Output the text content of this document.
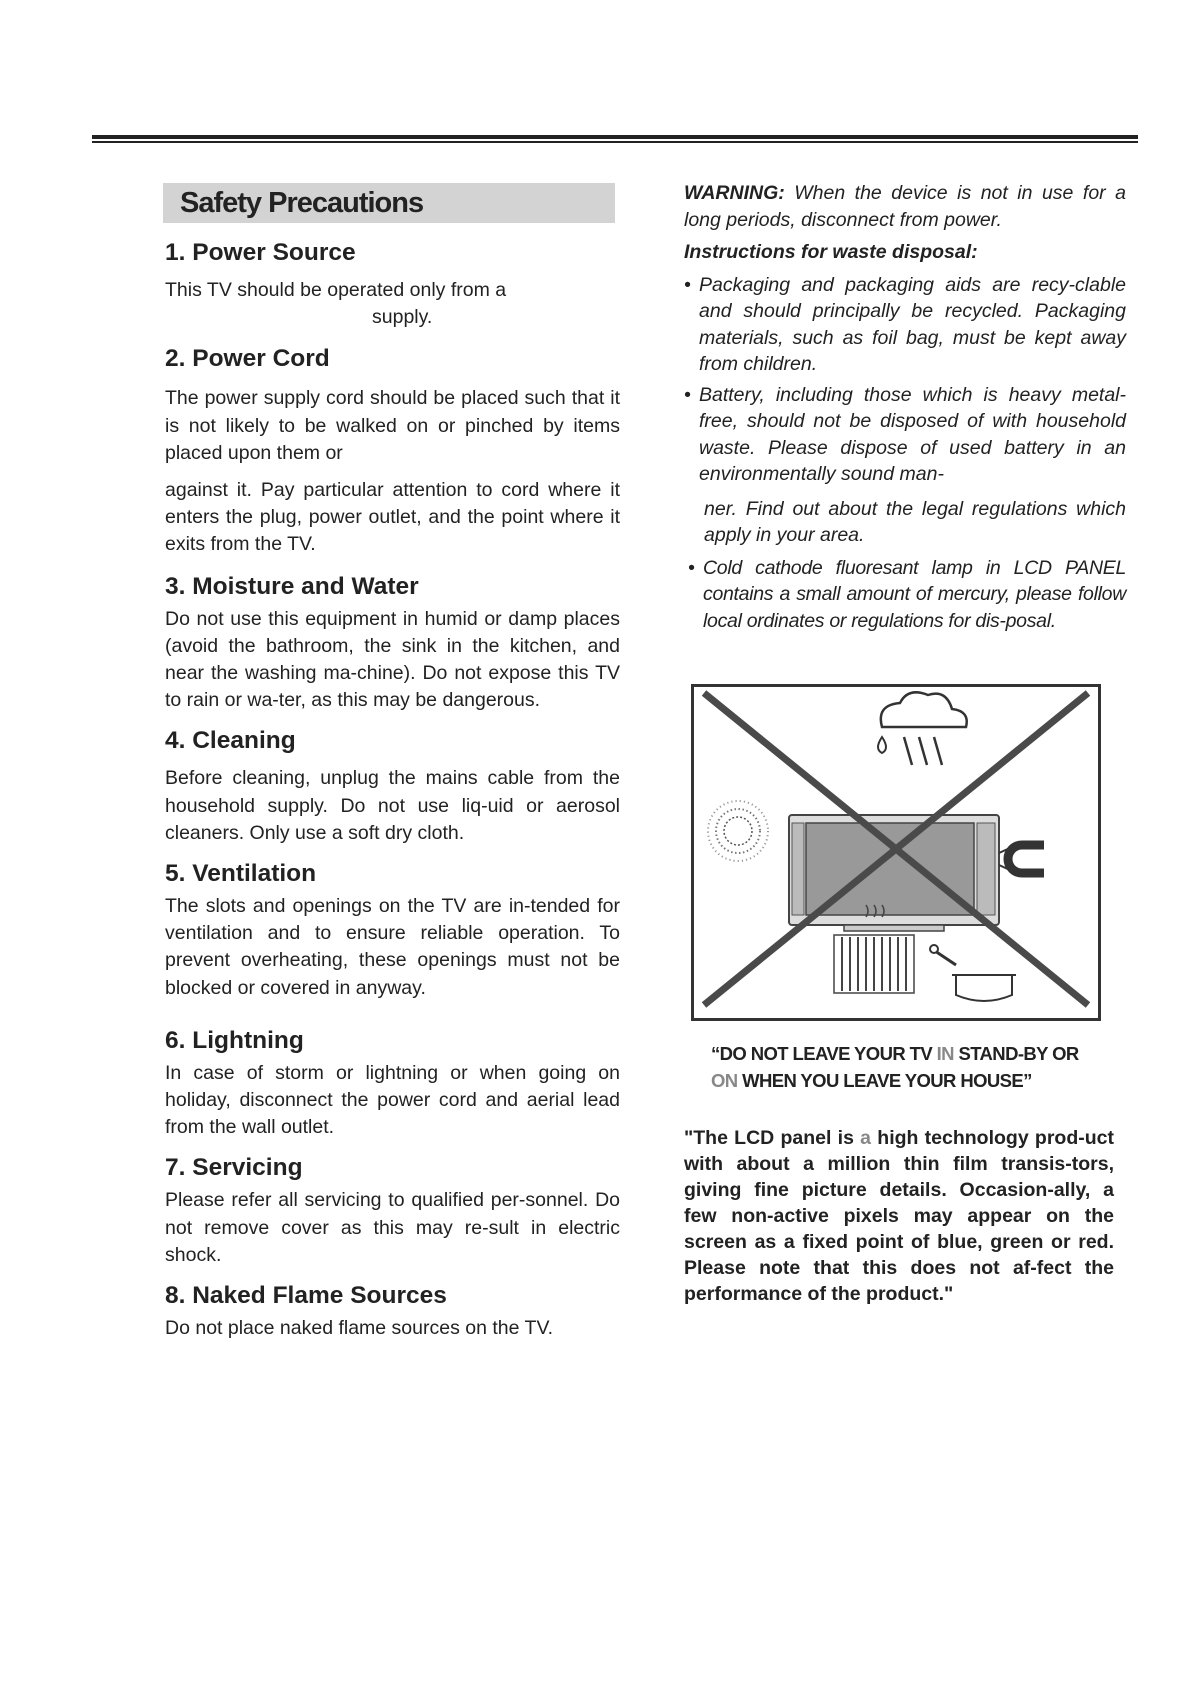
Safety Precautions
1. Power Source

This TV should be operated only from a

supply.

2. Power Cord

The power supply cord should be placed such that it is not likely to be walked on or pinched by items placed upon them or

against it. Pay particular attention to cord where it enters the plug, power outlet, and the point where it exits from the TV.

3. Moisture and Water

Do not use this equipment in humid or damp places (avoid the bathroom, the sink in the kitchen, and near the washing ma-chine). Do not expose this TV to rain or wa-ter, as this may be dangerous.

4. Cleaning

Before cleaning, unplug the mains cable from the household supply. Do not use liq-uid or aerosol cleaners. Only use a soft dry cloth.

5. Ventilation

The slots and openings on the TV are in-tended for ventilation and to ensure reliable operation. To prevent overheating, these openings must not be blocked or covered in anyway.

6. Lightning

In case of storm or lightning or when going on holiday, disconnect the power cord and aerial lead from the wall outlet.

7. Servicing

Please refer all servicing to qualified per-sonnel. Do not remove cover as this may re-sult in electric shock.

8. Naked Flame Sources

Do not place naked flame sources on the TV.

WARNING: When the device is not in use for a long periods, disconnect from power.

Instructions for waste disposal:

• Packaging and packaging aids are recy-clable and should principally be recycled. Packaging materials, such as foil bag, must be kept away from children.
• Battery, including those which is heavy metal-free, should not be disposed of with household waste. Please dispose of used battery in an environmentally sound man-
ner. Find out about the legal regulations which apply in your area.
• Cold cathode fluoresant lamp in LCD PANEL contains a small amount of mercury, please follow local ordinates or regulations for dis-posal.
“DO NOT LEAVE YOUR TV IN STAND-BY OR
ON WHEN YOU LEAVE YOUR HOUSE”
"The LCD panel is a high technology prod-uct with about a million thin film transis-tors, giving fine picture details. Occasion-ally, a few non-active pixels may appear on the screen as a fixed point of blue, green or red. Please note that this does not af-fect the performance of the product."
